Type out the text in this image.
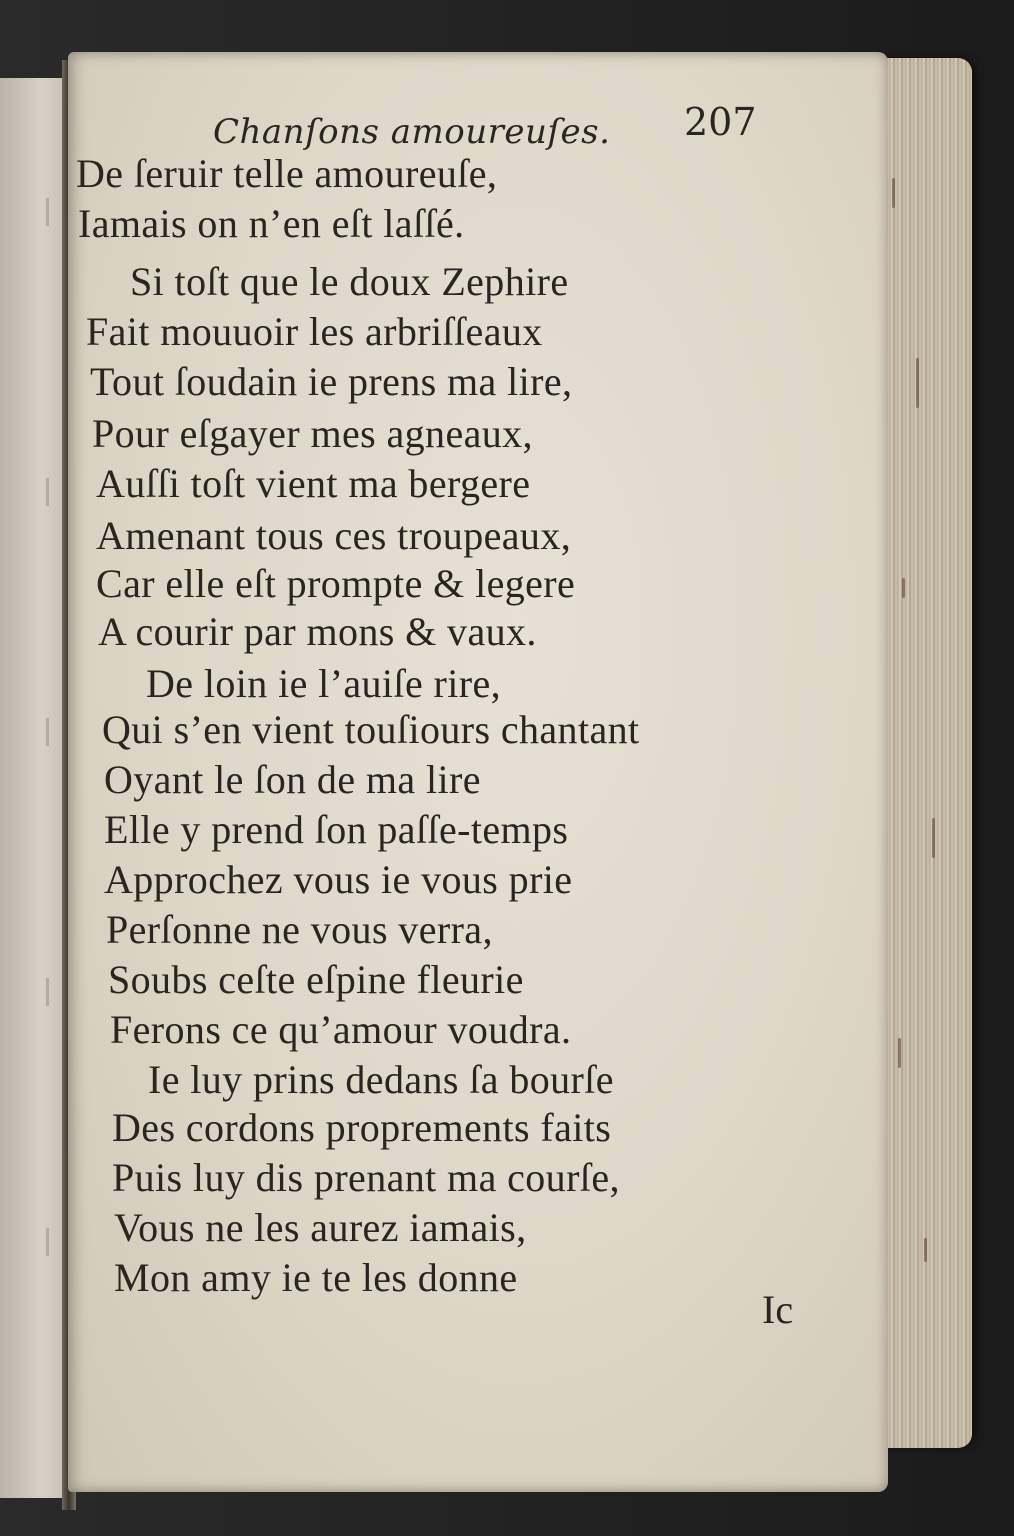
Chanſons amoureuſes. 207
De ſeruir telle amoureuſe,
Iamais on n’en eſt laſſé.
Si toſt que le doux Zephire
Fait mouuoir les arbriſſeaux
Tout ſoudain ie prens ma lire,
Pour eſgayer mes agneaux,
Auſſi toſt vient ma bergere
Amenant tous ces troupeaux,
Car elle eſt prompte & legere
A courir par mons & vaux.
De loin ie l’auiſe rire,
Qui s’en vient touſiours chantant
Oyant le ſon de ma lire
Elle y prend ſon paſſe-temps
Approchez vous ie vous prie
Perſonne ne vous verra,
Soubs ceſte eſpine fleurie
Ferons ce qu’amour voudra.
Ie luy prins dedans ſa bourſe
Des cordons proprements faits
Puis luy dis prenant ma courſe,
Vous ne les aurez iamais,
Mon amy ie te les donne
Ic
